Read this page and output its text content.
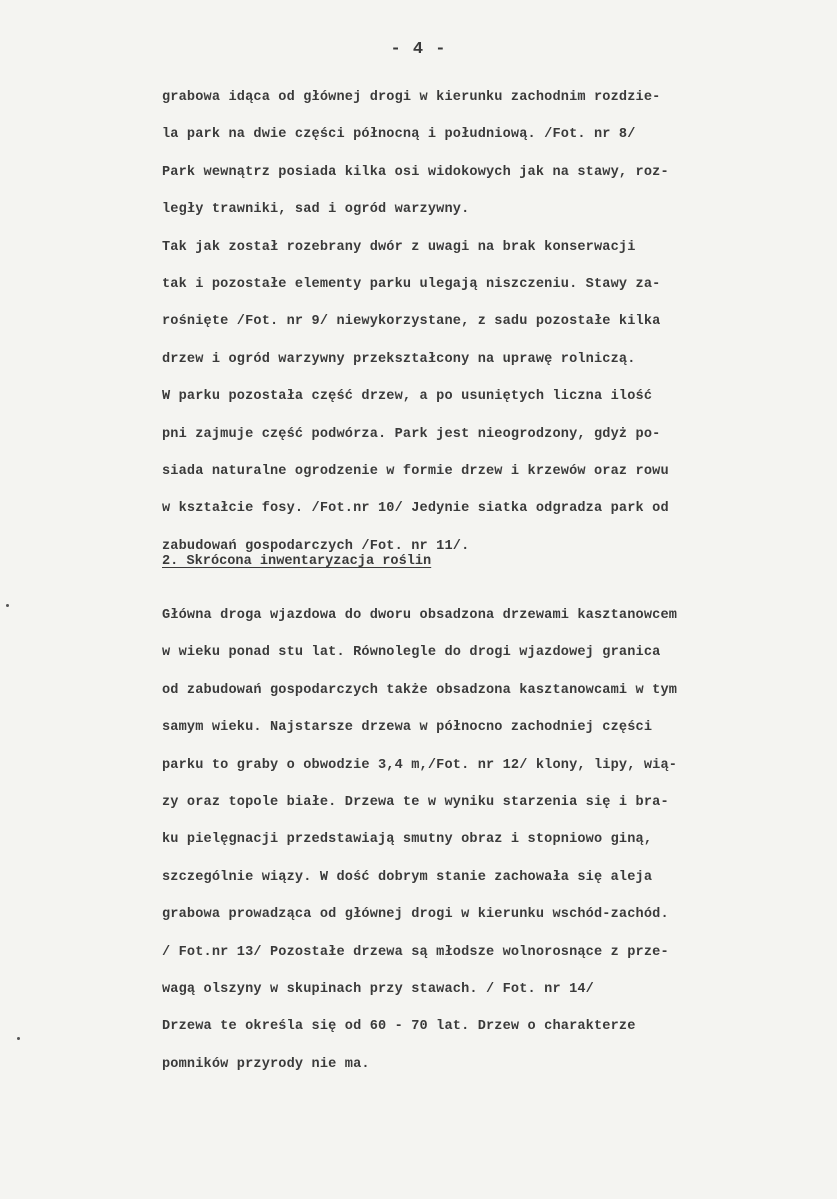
- 4 -
grabowa idąca od głównej drogi w kierunku zachodnim rozdzie-
la park na dwie części północną i południową. /Fot. nr 8/
Park wewnątrz posiada kilka osi widokowych jak na stawy, roz-
legły trawniki, sad i ogród warzywny.
Tak jak został rozebrany dwór z uwagi na brak konserwacji
tak i pozostałe elementy parku ulegają niszczeniu. Stawy za-
rośnięte /Fot. nr 9/ niewykorzystane, z sadu pozostałe kilka
drzew i ogród warzywny przekształcony na uprawę rolniczą.
W parku pozostała część drzew, a po usuniętych liczna ilość
pni zajmuje część podwórza. Park jest nieogrodzony, gdyż po-
siada naturalne ogrodzenie w formie drzew i krzewów oraz rowu
w kształcie fosy. /Fot.nr 10/ Jedynie siatka odgradza park od
zabudowań gospodarczych /Fot. nr 11/.
2. Skrócona inwentaryzacja roślin
Główna droga wjazdowa do dworu obsadzona drzewami kasztanowcem
w wieku ponad stu lat. Równolegle do drogi wjazdowej granica
od zabudowań gospodarczych także obsadzona kasztanowcami w tym
samym wieku. Najstarsze drzewa w północno zachodniej części
parku to graby o obwodzie 3,4 m,/Fot. nr 12/ klony, lipy, wią-
zy oraz topole białe. Drzewa te w wyniku starzenia się i bra-
ku pielęgnacji przedstawiają smutny obraz i stopniowo giną,
szczególnie wiązy. W dość dobrym stanie zachowała się aleja
grabowa prowadząca od głównej drogi w kierunku wschód-zachód.
/ Fot.nr 13/ Pozostałe drzewa są młodsze wolnorosnące z prze-
wagą olszyny w skupinach przy stawach. / Fot. nr 14/
Drzewa te określa się od 60 - 70 lat. Drzew o charakterze
pomników przyrody nie ma.
